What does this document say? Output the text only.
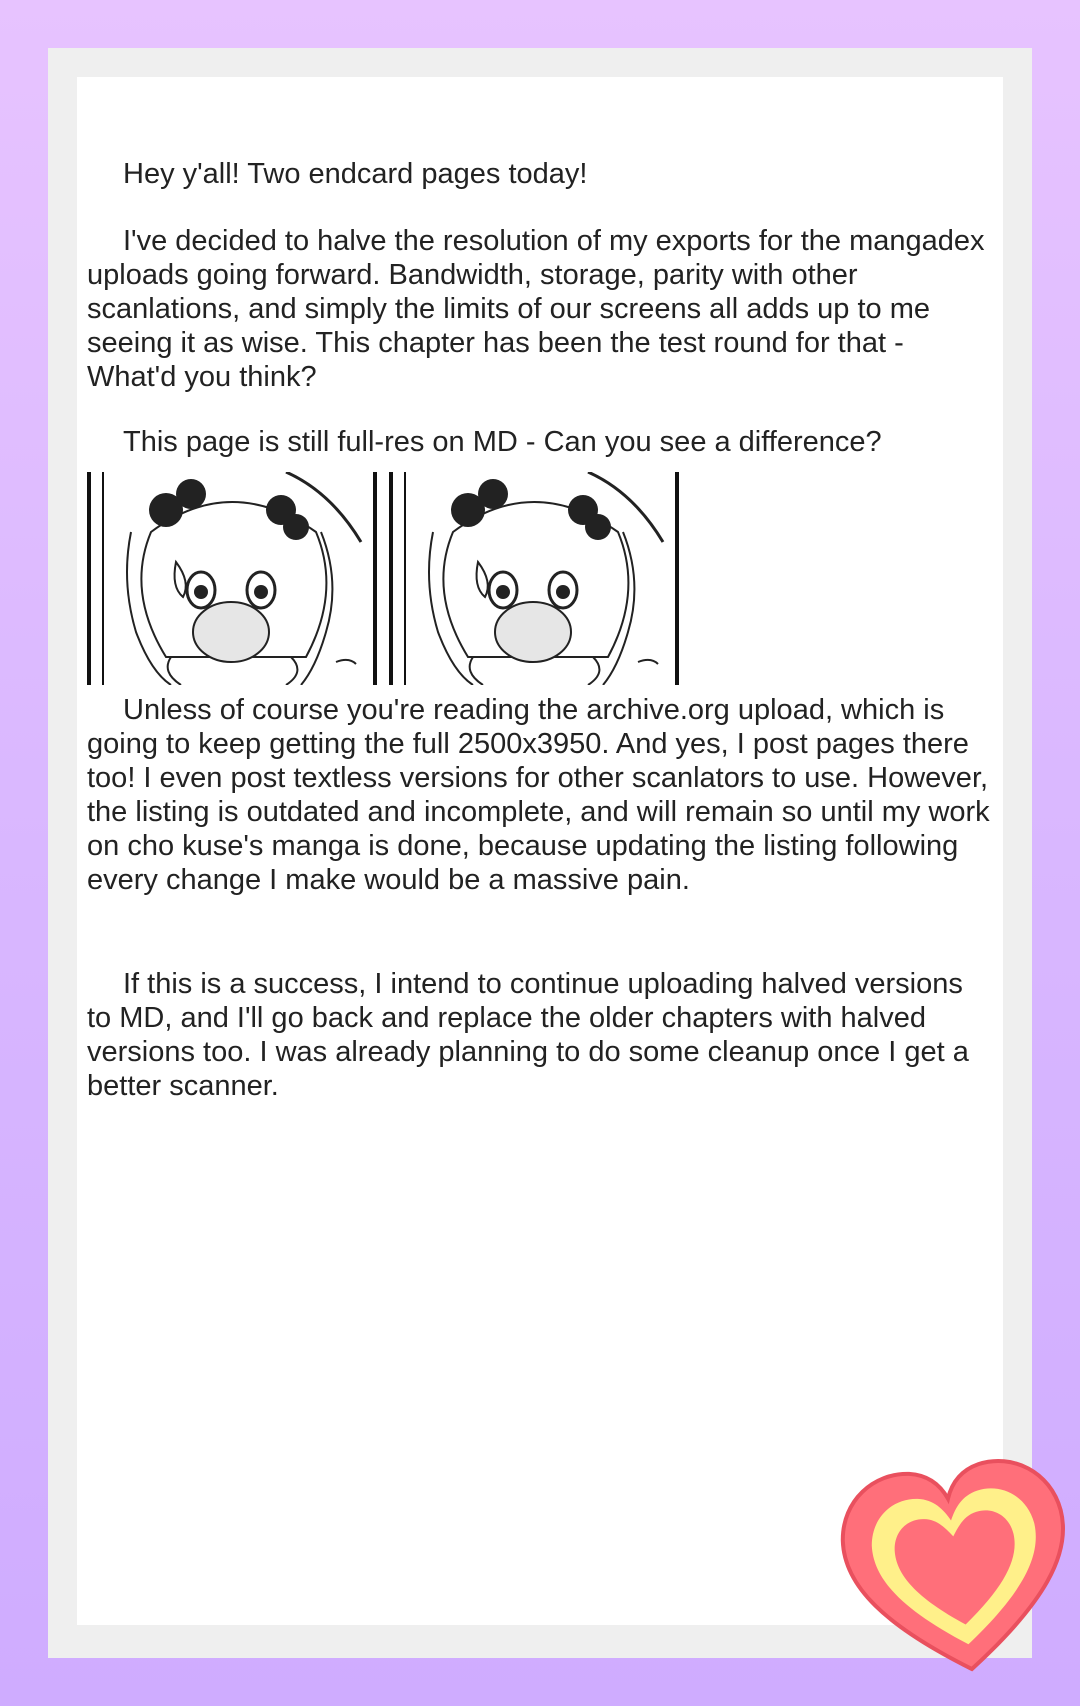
Hey y'all! Two endcard pages today!

I've decided to halve the resolution of my exports for the mangadex uploads going forward. Bandwidth, storage, parity with other scanlations, and simply the limits of our screens all adds up to me seeing it as wise. This chapter has been the test round for that - What'd you think?

This page is still full-res on MD - Can you see a difference?

Unless of course you're reading the archive.org upload, which is going to keep getting the full 2500x3950. And yes, I post pages there too! I even post textless versions for other scanlators to use. However, the listing is outdated and incomplete, and will remain so until my work on cho kuse's manga is done, because updating the listing following every change I make would be a massive pain.

If this is a success, I intend to continue uploading halved versions to MD, and I'll go back and replace the older chapters with halved versions too. I was already planning to do some cleanup once I get a better scanner.
